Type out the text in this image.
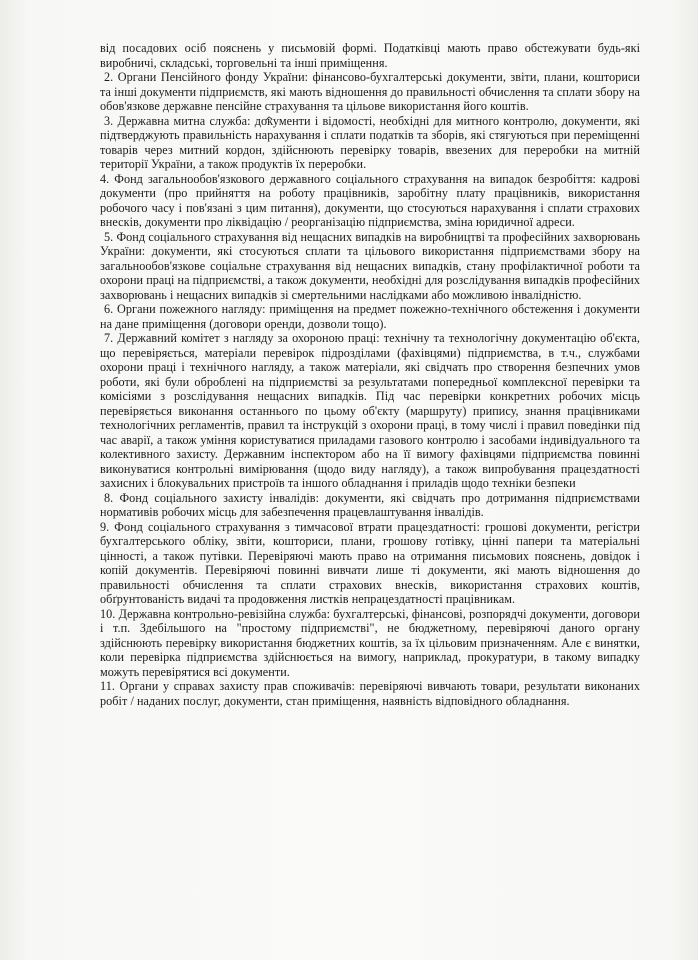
від посадових осіб пояснень у письмовій формі. Податківці мають право обстежувати будь-які виробничі, складські, торговельні та інші приміщення.

2. Органи Пенсійного фонду України: фінансово-бухгалтерські документи, звіти, плани, кошториси та інші документи підприємств, які мають відношення до правильності обчислення та сплати збору на обов'язкове державне пенсійне страхування та цільове використання його коштів.

3. Державна митна служба: документи і відомості, необхідні для митного контролю, документи, які підтверджують правильність нарахування і сплати податків та зборів, які стягуються при переміщенні товарів через митний кордон, здійснюють перевірку товарів, ввезених для переробки на митній території України, а також продуктів їх переробки.

4. Фонд загальнообов'язкового державного соціального страхування на випадок безробіття: кадрові документи (про прийняття на роботу працівників, заробітну плату працівників, використання робочого часу і пов'язані з цим питання), документи, що стосуються нарахування і сплати страхових внесків, документи про ліквідацію / реорганізацію підприємства, зміна юридичної адреси.

5. Фонд соціального страхування від нещасних випадків на виробництві та професійних захворювань України: документи, які стосуються сплати та цільового використання підприємствами збору на загальнообов'язкове соціальне страхування від нещасних випадків, стану профілактичної роботи та охорони праці на підприємстві, а також документи, необхідні для розслідування випадків професійних захворювань і нещасних випадків зі смертельними наслідками або можливою інвалідністю.

6. Органи пожежного нагляду: приміщення на предмет пожежно-технічного обстеження і документи на дане приміщення (договори оренди, дозволи тощо).

7. Державний комітет з нагляду за охороною праці: технічну та технологічну документацію об'єкта, що перевіряється, матеріали перевірок підрозділами (фахівцями) підприємства, в т.ч., службами охорони праці і технічного нагляду, а також матеріали, які свідчать про створення безпечних умов роботи, які були оброблені на підприємстві за результатами попередньої комплексної перевірки та комісіями з розслідування нещасних випадків. Під час перевірки конкретних робочих місць перевіряється виконання останнього по цьому об'єкту (маршруту) припису, знання працівниками технологічних регламентів, правил та інструкцій з охорони праці, в тому числі і правил поведінки під час аварії, а також уміння користуватися приладами газового контролю і засобами індивідуального та колективного захисту. Державним інспектором або на її вимогу фахівцями підприємства повинні виконуватися контрольні вимірювання (щодо виду нагляду), а також випробування працездатності захисних і блокувальних пристроїв та іншого обладнання і приладів щодо техніки безпеки

8. Фонд соціального захисту інвалідів: документи, які свідчать про дотримання підприємствами нормативів робочих місць для забезпечення працевлаштування інвалідів.

9. Фонд соціального страхування з тимчасової втрати працездатності: грошові документи, регістри бухгалтерського обліку, звіти, кошториси, плани, грошову готівку, цінні папери та матеріальні цінності, а також путівки. Перевіряючі мають право на отримання письмових пояснень, довідок і копій документів. Перевіряючі повинні вивчати лише ті документи, які мають відношення до правильності обчислення та сплати страхових внесків, використання страхових коштів, обґрунтованість видачі та продовження листків непрацездатності працівникам.

10. Державна контрольно-ревізійна служба: бухгалтерські, фінансові, розпорядчі документи, договори і т.п. Здебільшого на "простому підприємстві", не бюджетному, перевіряючі даного органу здійснюють перевірку використання бюджетних коштів, за їх цільовим призначенням. Але є винятки, коли перевірка підприємства здійснюється на вимогу, наприклад, прокуратури, в такому випадку можуть перевірятися всі документи.

11. Органи у справах захисту прав споживачів: перевіряючі вивчають товари, результати виконаних робіт / наданих послуг, документи, стан приміщення, наявність відповідного обладнання.
